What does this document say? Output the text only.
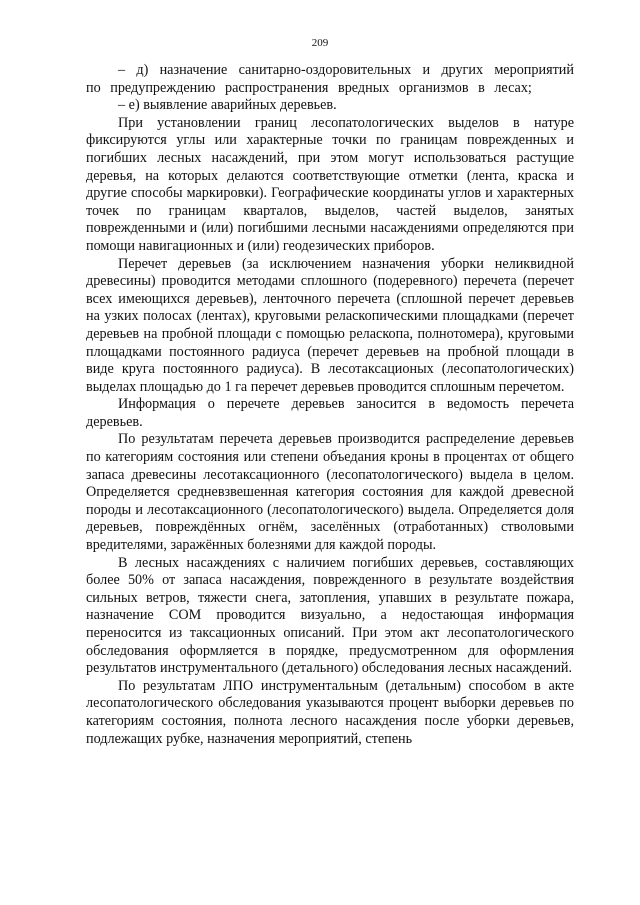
209

– д) назначение санитарно-оздоровительных и других мероприятий по предупреждению распространения вредных организмов в лесах;

– е) выявление аварийных деревьев.

При установлении границ лесопатологических выделов в натуре фиксируются углы или характерные точки по границам поврежденных и погибших лесных насаждений, при этом могут использоваться растущие деревья, на которых делаются соответствующие отметки (лента, краска и другие способы маркировки). Географические координаты углов и характерных точек по границам кварталов, выделов, частей выделов, занятых поврежденными и (или) погибшими лесными насаждениями определяются при помощи навигационных и (или) геодезических приборов.

Перечет деревьев (за исключением назначения уборки неликвидной древесины) проводится методами сплошного (подеревного) перечета (перечет всех имеющихся деревьев), ленточного перечета (сплошной перечет деревьев на узких полосах (лентах), круговыми реласкопическими площадками (перечет деревьев на пробной площади с помощью реласкопа, полнотомера), круговыми площадками постоянного радиуса (перечет деревьев на пробной площади в виде круга постоянного радиуса). В лесотаксационых (лесопатологических) выделах площадью до 1 га перечет деревьев проводится сплошным перечетом.

Информация о перечете деревьев заносится в ведомость перечета деревьев.

По результатам перечета деревьев производится распределение деревьев по категориям состояния или степени объедания кроны в процентах от общего запаса древесины лесотаксационного (лесопатологического) выдела в целом. Определяется средневзвешенная категория состояния для каждой древесной породы и лесотаксационного (лесопатологического) выдела. Определяется доля деревьев, повреждённых огнём, заселённых (отработанных) стволовыми вредителями, заражённых болезнями для каждой породы.

В лесных насаждениях с наличием погибших деревьев, составляющих более 50% от запаса насаждения, поврежденного в результате воздействия сильных ветров, тяжести снега, затопления, упавших в результате пожара, назначение СОМ проводится визуально, а недостающая информация переносится из таксационных описаний. При этом акт лесопатологического обследования оформляется в порядке, предусмотренном для оформления результатов инструментального (детального) обследования лесных насаждений.

По результатам ЛПО инструментальным (детальным) способом в акте лесопатологического обследования указываются процент выборки деревьев по категориям состояния, полнота лесного насаждения после уборки деревьев, подлежащих рубке, назначения мероприятий, степень
